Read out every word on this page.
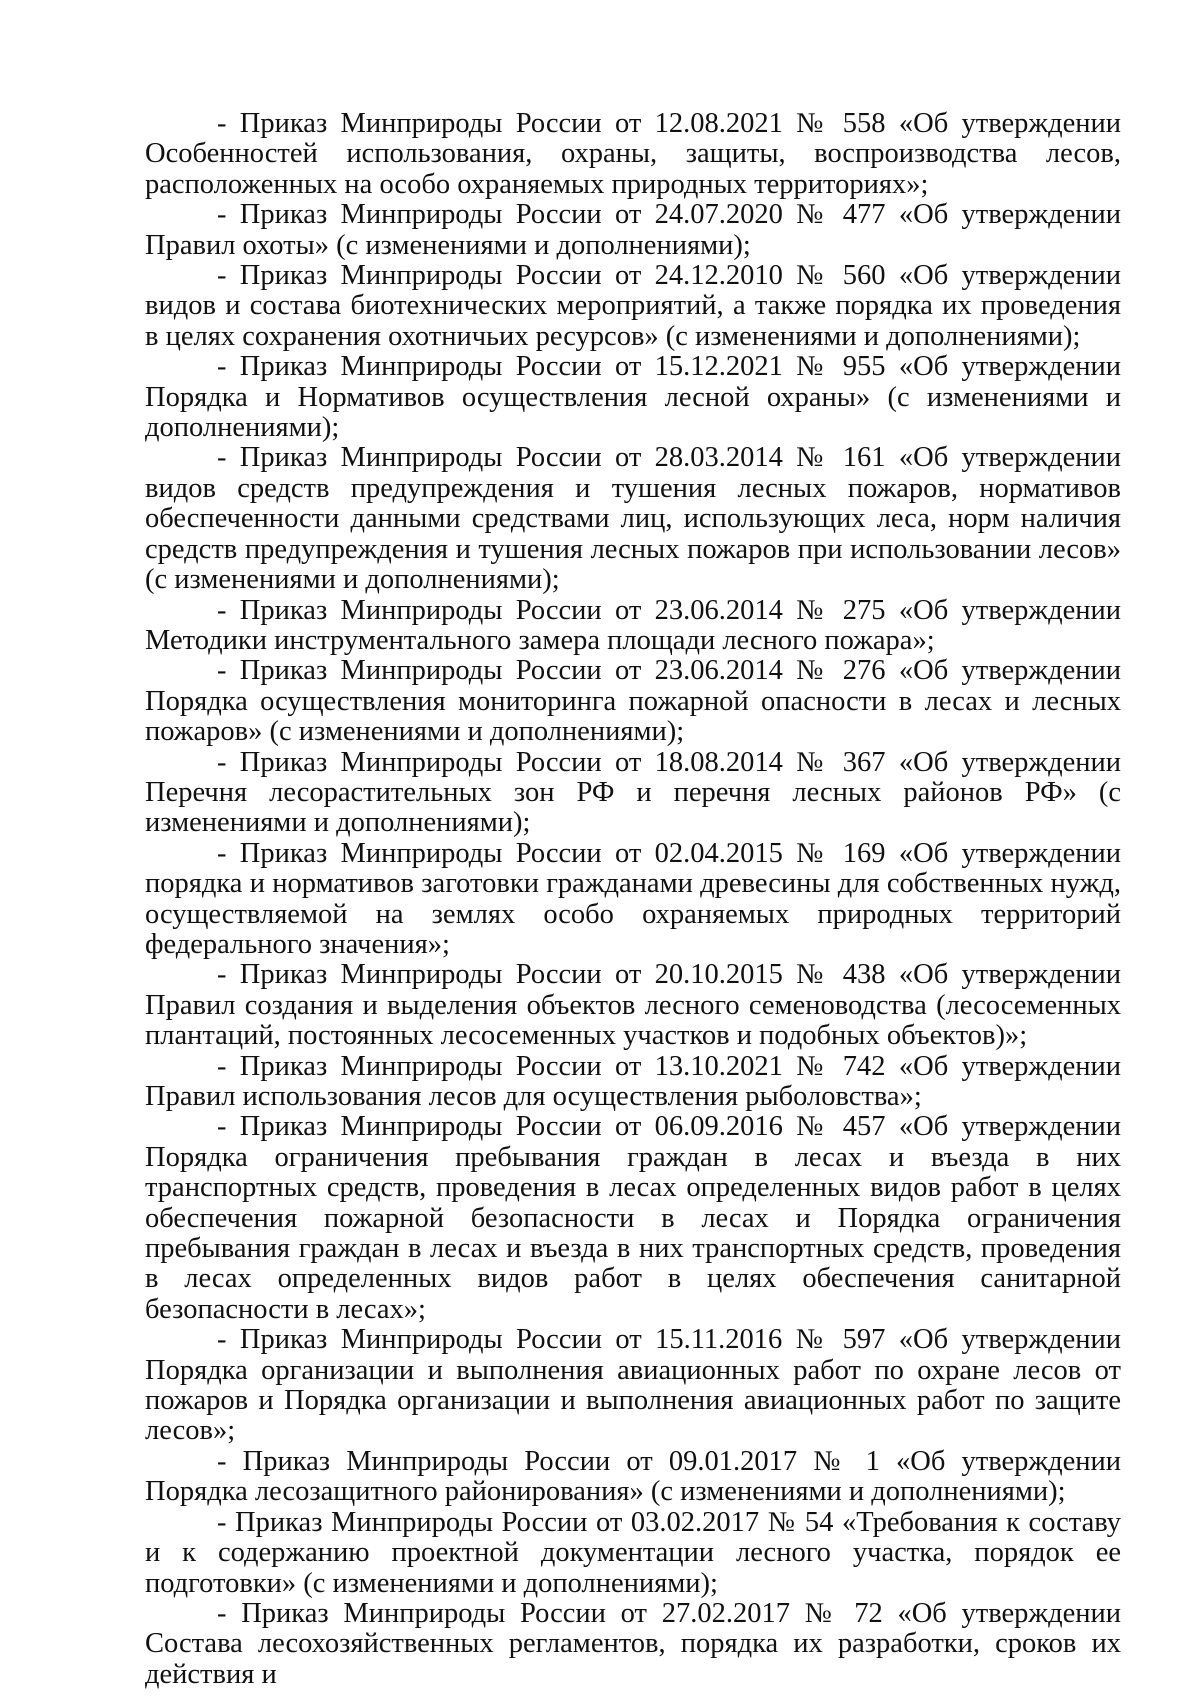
- Приказ Минприроды России от 12.08.2021 № 558 «Об утверждении Особенностей использования, охраны, защиты, воспроизводства лесов, расположенных на особо охраняемых природных территориях»;

- Приказ Минприроды России от 24.07.2020 № 477 «Об утверждении Правил охоты» (с изменениями и дополнениями);

- Приказ Минприроды России от 24.12.2010 № 560 «Об утверждении видов и состава биотехнических мероприятий, а также порядка их проведения в целях сохранения охотничьих ресурсов» (с изменениями и дополнениями);

- Приказ Минприроды России от 15.12.2021 № 955 «Об утверждении Порядка и Нормативов осуществления лесной охраны» (с изменениями и дополнениями);

- Приказ Минприроды России от 28.03.2014 № 161 «Об утверждении видов средств предупреждения и тушения лесных пожаров, нормативов обеспеченности данными средствами лиц, использующих леса, норм наличия средств предупреждения и тушения лесных пожаров при использовании лесов» (с изменениями и дополнениями);

- Приказ Минприроды России от 23.06.2014 № 275 «Об утверждении Методики инструментального замера площади лесного пожара»;

- Приказ Минприроды России от 23.06.2014 № 276 «Об утверждении Порядка осуществления мониторинга пожарной опасности в лесах и лесных пожаров» (с изменениями и дополнениями);

- Приказ Минприроды России от 18.08.2014 № 367 «Об утверждении Перечня лесорастительных зон РФ и перечня лесных районов РФ» (с изменениями и дополнениями);

- Приказ Минприроды России от 02.04.2015 № 169 «Об утверждении порядка и нормативов заготовки гражданами древесины для собственных нужд, осуществляемой на землях особо охраняемых природных территорий федерального значения»;

- Приказ Минприроды России от 20.10.2015 № 438 «Об утверждении Правил создания и выделения объектов лесного семеноводства (лесосеменных плантаций, постоянных лесосеменных участков и подобных объектов)»;

- Приказ Минприроды России от 13.10.2021 № 742 «Об утверждении Правил использования лесов для осуществления рыболовства»;

- Приказ Минприроды России от 06.09.2016 № 457 «Об утверждении Порядка ограничения пребывания граждан в лесах и въезда в них транспортных средств, проведения в лесах определенных видов работ в целях обеспечения пожарной безопасности в лесах и Порядка ограничения пребывания граждан в лесах и въезда в них транспортных средств, проведения в лесах определенных видов работ в целях обеспечения санитарной безопасности в лесах»;

- Приказ Минприроды России от 15.11.2016 № 597 «Об утверждении Порядка организации и выполнения авиационных работ по охране лесов от пожаров и Порядка организации и выполнения авиационных работ по защите лесов»;

- Приказ Минприроды России от 09.01.2017 № 1 «Об утверждении Порядка лесозащитного районирования» (с изменениями и дополнениями);

- Приказ Минприроды России от 03.02.2017 № 54 «Требования к составу и к содержанию проектной документации лесного участка, порядок ее подготовки» (с изменениями и дополнениями);

- Приказ Минприроды России от 27.02.2017 № 72 «Об утверждении Состава лесохозяйственных регламентов, порядка их разработки, сроков их действия и
